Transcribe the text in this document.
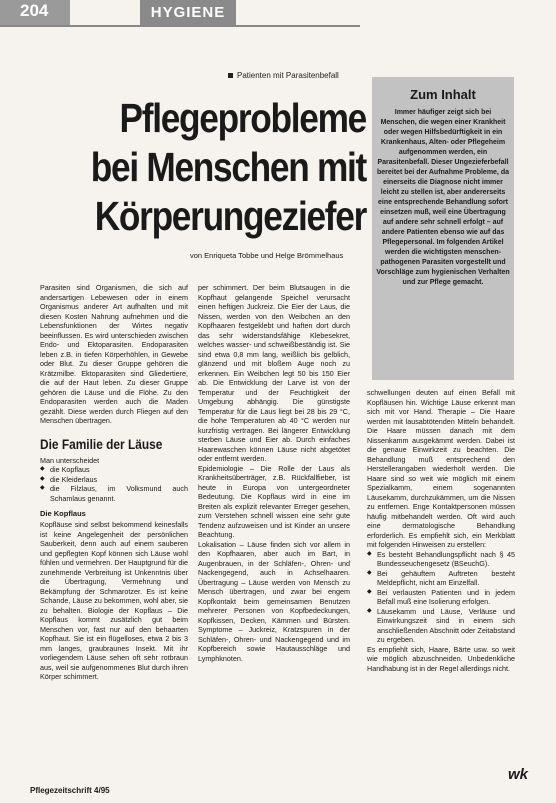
204	HYGIENE
Patienten mit Parasitenbefall
Pflegeprobleme bei Menschen mit Körperungeziefer
von Enriqueta Tobbe und Helge Brömmelhaus
Zum Inhalt
Immer häufiger zeigt sich bei Menschen, die wegen einer Krankheit oder wegen Hilfsbedürftigkeit in ein Krankenhaus, Alten- oder Pflegeheim aufgenommen werden, ein Parasitenbefall. Dieser Ungezieferbefall bereitet bei der Aufnahme Probleme, da einerseits die Diagnose nicht immer leicht zu stellen ist, aber andererseits eine entsprechende Behandlung sofort einsetzen muß, weil eine Übertragung auf andere sehr schnell erfolgt – auf andere Patienten ebenso wie auf das Pflegepersonal. Im folgenden Artikel werden die wichtigsten menschen-pathogenen Parasiten vorgestellt und Vorschläge zum hygienischen Verhalten und zur Pflege gemacht.

Parasiten sind Organismen, die sich auf andersartigen Lebewesen oder in einem Organismus anderer Art aufhalten und mit diesen Kosten Nahrung aufnehmen und die Lebensfunktionen der Wirtes negativ beeinflussen. Es wird unterschieden zwischen Endo- und Ektoparasiten. Endoparasiten leben z.B. in tiefen Körperhöhlen, in Gewebe oder Blut. Zu dieser Gruppe gehören die Krätzmilbe. Ektoparasiten sind Gliedertiere, die auf der Haut leben. Zu dieser Gruppe gehören die Läuse und die Flöhe. Zu den Endoparasiten werden auch die Maden gezählt. Diese werden durch Fliegen auf den Menschen übertragen.

Die Familie der Läuse

Man unterscheidet

◆ die Kopflaus
◆ die Kleiderlaus
◆ die Filzlaus, im Volksmund auch Schamlaus genannt.
Die Kopflaus

Kopfläuse sind selbst bekommend keinesfalls ist keine Angelegenheit der persönlichen Sauberkeit, denn auch auf einem sauberen und gepflegten Kopf können sich Läuse wohl fühlen und vermehren. Der Hauptgrund für die zunehmende Verbreitung ist Unkenntnis über die Übertragung, Vermehrung und Bekämpfung der Schmarotzer. Es ist keine Schande, Läuse zu bekommen, wohl aber, sie zu behalten. Biologie der Kopflaus – Die Kopflaus kommt zusätzlich gut beim Menschen vor, fast nur auf den behaarten Kopfhaut. Sie ist ein flügelloses, etwa 2 bis 3 mm langes, graubraunes Insekt. Mit ihr vorliegendem Läuse sehen oft sehr rotbraun aus, weil sie aufgenommenes Blut durch ihren Körper schimmert.

per schimmert. Der beim Blutsaugen in die Kopfhaut gelangende Speichel verursacht einen heftigen Juckreiz. Die Eier der Laus, die Nissen, werden von den Weibchen an den Kopfhaaren festgeklebt und haften dort durch das sehr widerstandsfähige Klebesekret, welches wasser- und schweißbeständig ist. Sie sind etwa 0,8 mm lang, weißlich bis gelblich, glänzend und mit bloßem Auge noch zu erkennen. Ein Weibchen legt 50 bis 150 Eier ab. Die Entwicklung der Larve ist von der Temperatur und der Feuchtigkeit der Umgebung abhängig. Die günstigste Temperatur für die Laus liegt bei 28 bis 29 °C, die hohe Temperaturen ab 40 °C werden nur kurzfristig vertragen. Bei längerer Entwicklung sterben Läuse und Eier ab. Durch einfaches Haarewaschen können Läuse nicht abgetötet oder entfernt werden.

Epidemiologie – Die Rolle der Laus als Krankheitsüberträger, z.B. Rückfallfieber, ist heute in Europa von untergeordneter Bedeutung. Die Kopflaus wird in eine im Breiten als explizit relevanter Erreger gesehen, zum Verstehen schnell wissen eine sehr gute Tendenz aufzuweisen und ist Kinder an unsere Beachtung.

Lokalisation – Läuse finden sich vor allem in den Kopfhaaren, aber auch im Bart, in Augenbrauen, in der Schläfen-, Ohren- und Nackengegend, auch in Achselhaaren. Übertragung – Läuse werden von Mensch zu Mensch übertragen, und zwar bei engem Kopfkontakt beim gemeinsamen Benutzen mehrerer Personen von Kopfbedeckungen, Kopfkissen, Decken, Kämmen und Bürsten. Symptome – Juckreiz, Kratzspuren in der Schläfen-, Ohren- und Nackengegend und im Kopfbereich sowie Hautausschläge und Lymphknoten.

schwellungen deuten auf einen Befall mit Kopfläusen hin. Wichtige Läuse erkennt man sich mit vor Hand. Therapie – Die Haare werden mit lausabtötenden Mitteln behandelt. Die Haare müssen danach mit dem Nissenkamm ausgekämmt werden. Dabei ist die genaue Einwirkzeit zu beachten. Die Behandlung muß entsprechend den Herstellerangaben wiederholt werden. Die Haare sind so weit wie möglich mit einem Spezialkamm, einem sogenannten Läusekamm, durchzukämmen, um die Nissen zu entfernen. Enge Kontaktpersonen müssen häufig mitbehandelt werden. Oft wird auch eine dermatologische Behandlung erforderlich. Es empfiehlt sich, ein Merkblatt mit folgenden Hinweisen zu erstellen:

◆ Es besteht Behandlungspflicht nach § 45 Bundesseuchengesetz (BSeuchG).
◆ Bei gehäuftem Auftreten besteht Meldepflicht, nicht am Einzelfall.
◆ Bei verlausten Patienten und in jedem Befall muß eine Isolierung erfolgen.
◆ Läusekamm und Läuse, Verläuse und Einwirkungszeit sind in einem sich anschließenden Abschnitt oder Zeitabstand zu ergeben.

Es empfiehlt sich, Haare, Bärte usw. so weit wie möglich abzuschneiden. Unbedenkliche Handhabung ist in der Regel allerdings nicht.

Pflegezeitschrift 4/95
wk
